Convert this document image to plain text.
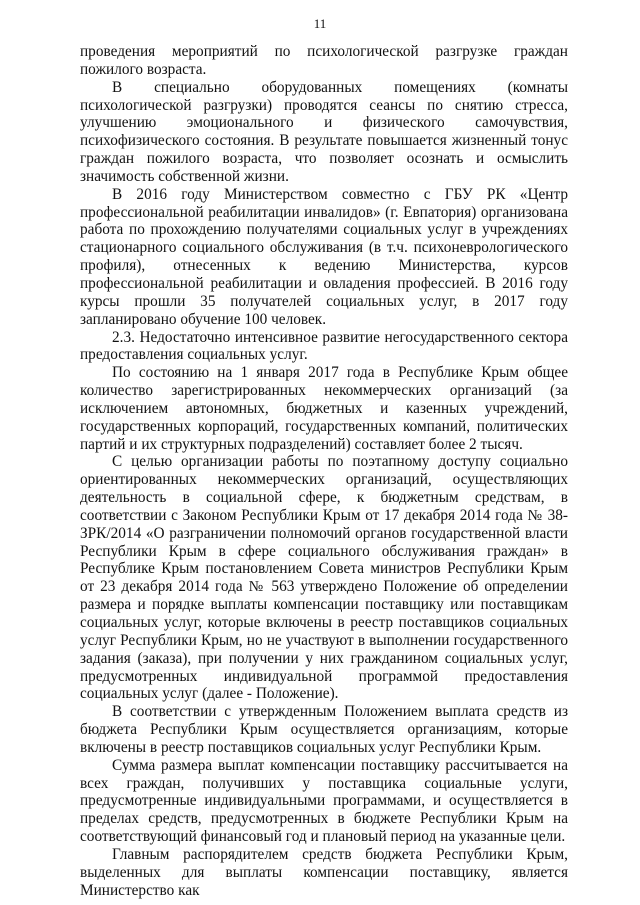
11

проведения мероприятий по психологической разгрузке граждан пожилого возраста.

В специально оборудованных помещениях (комнаты психологической разгрузки) проводятся сеансы по снятию стресса, улучшению эмоционального и физического самочувствия, психофизического состояния. В результате повышается жизненный тонус граждан пожилого возраста, что позволяет осознать и осмыслить значимость собственной жизни.

В 2016 году Министерством совместно с ГБУ РК «Центр профессиональной реабилитации инвалидов» (г. Евпатория) организована работа по прохождению получателями социальных услуг в учреждениях стационарного социального обслуживания (в т.ч. психоневрологического профиля), отнесенных к ведению Министерства, курсов профессиональной реабилитации и овладения профессией. В 2016 году курсы прошли 35 получателей социальных услуг, в 2017 году запланировано обучение 100 человек.

2.3. Недостаточно интенсивное развитие негосударственного сектора предоставления социальных услуг.

По состоянию на 1 января 2017 года в Республике Крым общее количество зарегистрированных некоммерческих организаций (за исключением автономных, бюджетных и казенных учреждений, государственных корпораций, государственных компаний, политических партий и их структурных подразделений) составляет более 2 тысяч.

С целью организации работы по поэтапному доступу социально ориентированных некоммерческих организаций, осуществляющих деятельность в социальной сфере, к бюджетным средствам, в соответствии с Законом Республики Крым от 17 декабря 2014 года № 38-ЗРК/2014 «О разграничении полномочий органов государственной власти Республики Крым в сфере социального обслуживания граждан» в Республике Крым постановлением Совета министров Республики Крым от 23 декабря 2014 года № 563 утверждено Положение об определении размера и порядке выплаты компенсации поставщику или поставщикам социальных услуг, которые включены в реестр поставщиков социальных услуг Республики Крым, но не участвуют в выполнении государственного задания (заказа), при получении у них гражданином социальных услуг, предусмотренных индивидуальной программой предоставления социальных услуг (далее - Положение).

В соответствии с утвержденным Положением выплата средств из бюджета Республики Крым осуществляется организациям, которые включены в реестр поставщиков социальных услуг Республики Крым.

Сумма размера выплат компенсации поставщику рассчитывается на всех граждан, получивших у поставщика социальные услуги, предусмотренные индивидуальными программами, и осуществляется в пределах средств, предусмотренных в бюджете Республики Крым на соответствующий финансовый год и плановый период на указанные цели.

Главным распорядителем средств бюджета Республики Крым, выделенных для выплаты компенсации поставщику, является Министерство как
